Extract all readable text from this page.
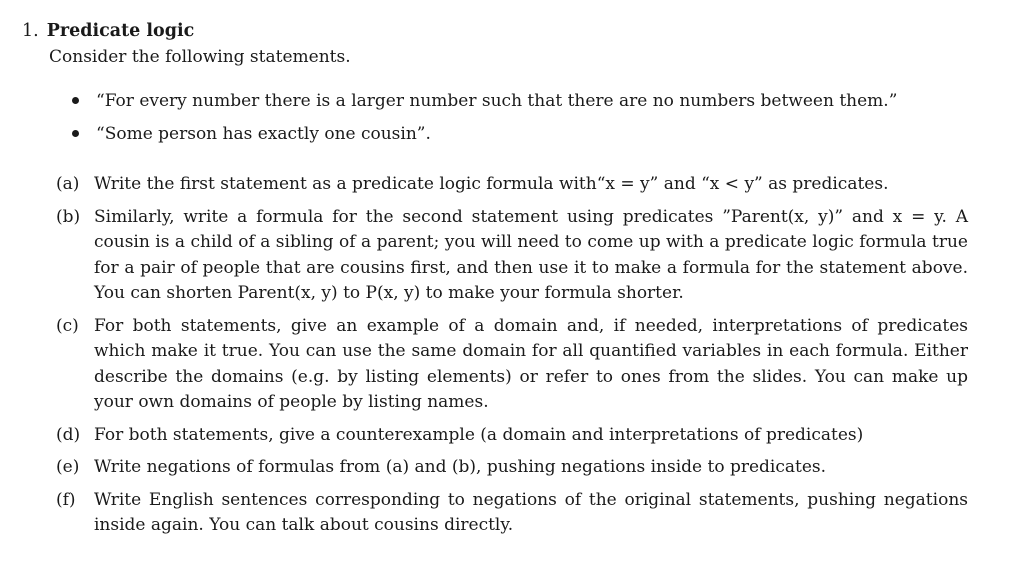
1. Predicate logic
Consider the following statements.
“For every number there is a larger number such that there are no numbers between them.”
“Some person has exactly one cousin”.
(a) Write the first statement as a predicate logic formula with“x = y” and “x < y” as predicates.
(b) Similarly, write a formula for the second statement using predicates ”Parent(x, y)” and x = y. A cousin is a child of a sibling of a parent; you will need to come up with a predicate logic formula true for a pair of people that are cousins first, and then use it to make a formula for the statement above. You can shorten Parent(x, y) to P(x, y) to make your formula shorter.
(c) For both statements, give an example of a domain and, if needed, interpretations of predicates which make it true. You can use the same domain for all quantified variables in each formula. Either describe the domains (e.g. by listing elements) or refer to ones from the slides. You can make up your own domains of people by listing names.
(d) For both statements, give a counterexample (a domain and interpretations of predicates)
(e) Write negations of formulas from (a) and (b), pushing negations inside to predicates.
(f) Write English sentences corresponding to negations of the original statements, pushing negations inside again. You can talk about cousins directly.
